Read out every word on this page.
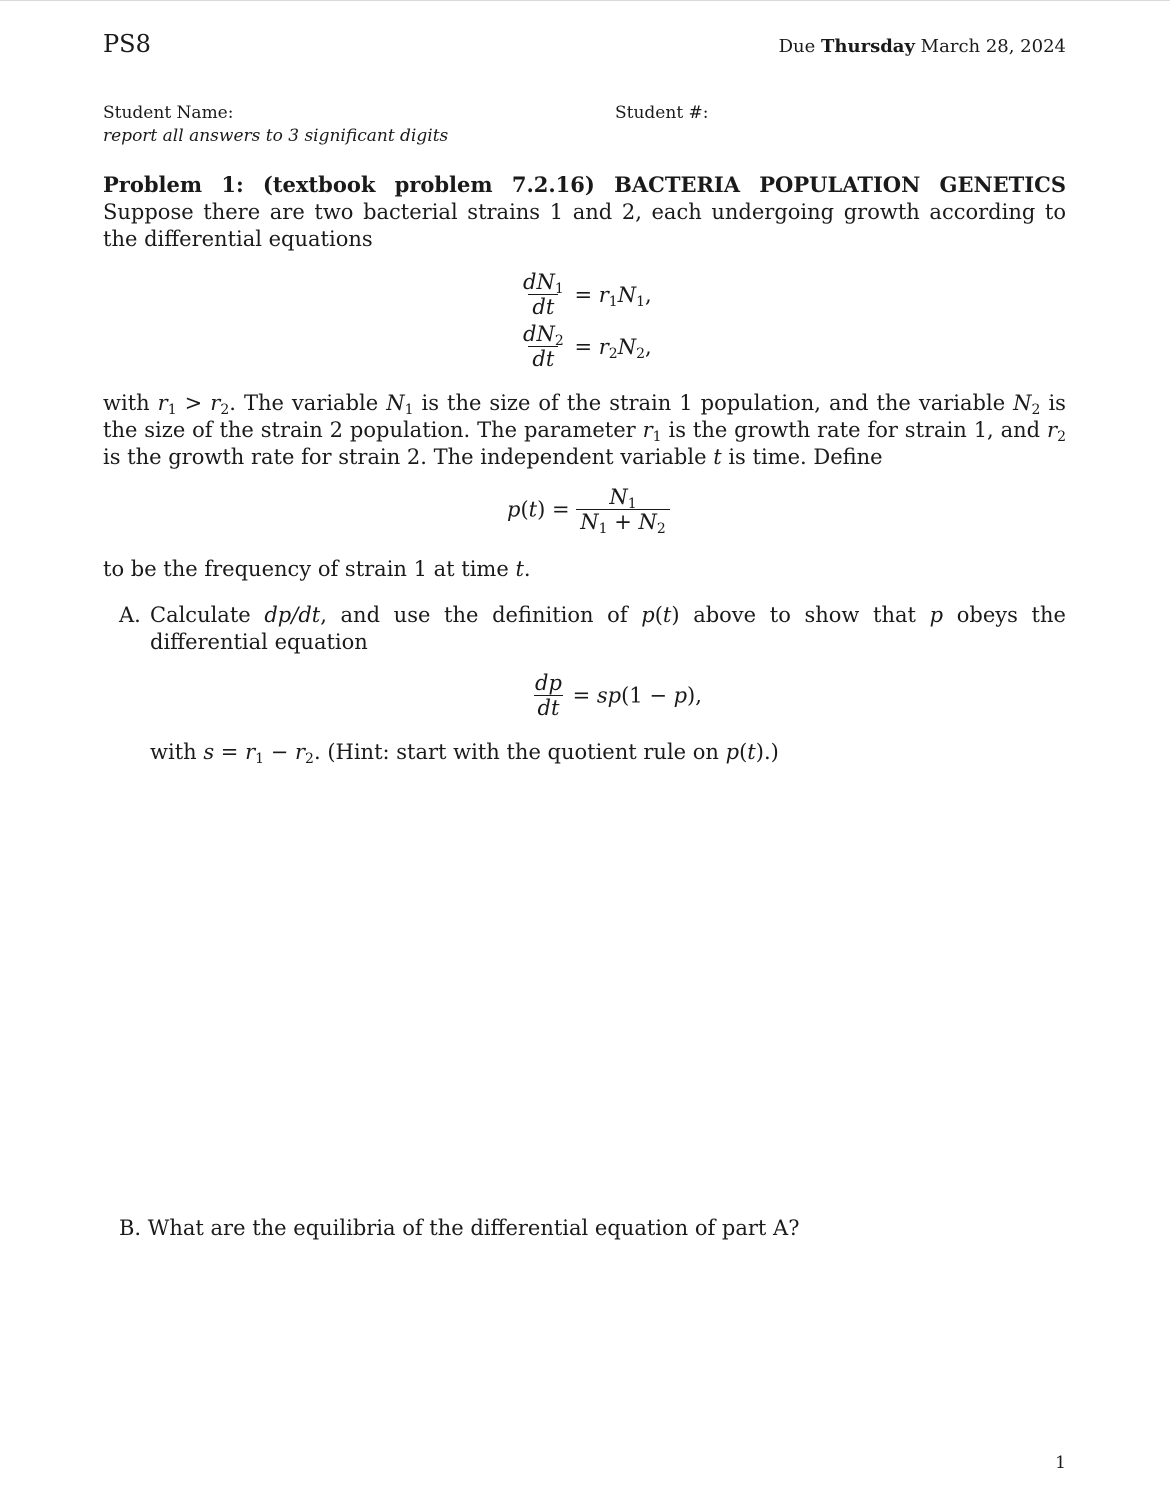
PS8	Due Thursday March 28, 2024
Student Name:	Student #:
report all answers to 3 significant digits
Problem 1: (textbook problem 7.2.16) BACTERIA POPULATION GENETICS Suppose there are two bacterial strains 1 and 2, each undergoing growth according to the differential equations
$\frac{dN_1}{dt} = r_1N_1$,
$\frac{dN_2}{dt} = r_2N_2$,
with $r_1 > r_2$. The variable $N_1$ is the size of the strain 1 population, and the variable $N_2$ is the size of the strain 2 population. The parameter $r_1$ is the growth rate for strain 1, and $r_2$ is the growth rate for strain 2. The independent variable t is time. Define
$p(t) = \frac{N_1}{N_1 + N_2}$
to be the frequency of strain 1 at time t.
A. Calculate dp/dt, and use the definition of p(t) above to show that p obeys the differential equation
$\frac{dp}{dt} = sp(1 - p)$,
with $s = r_1 - r_2$. (Hint: start with the quotient rule on p(t).)
B. What are the equilibria of the differential equation of part A?
1
